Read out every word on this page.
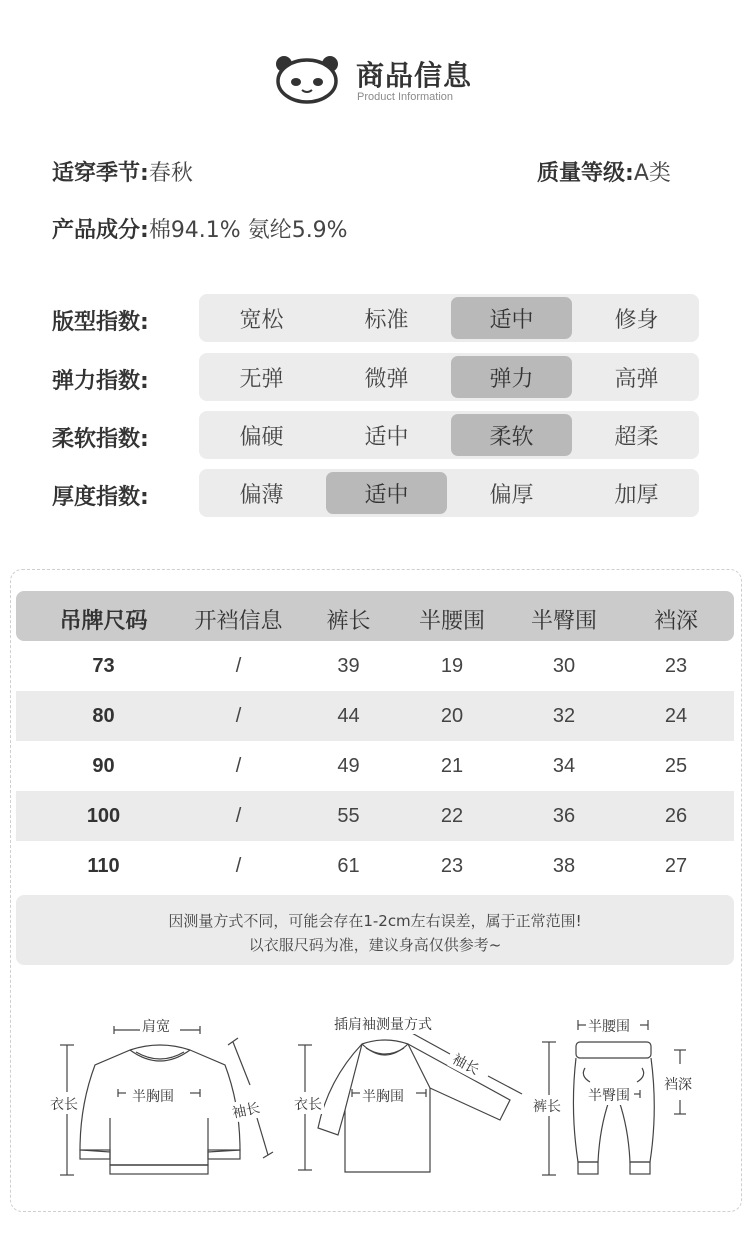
商品信息
Product Information
适穿季节:春秋	质量等级:A类
产品成分:棉94.1% 氨纶5.9%
版型指数:	宽松	标准	适中	修身
弹力指数:	无弹	微弹	弹力	高弹
柔软指数:	偏硬	适中	柔软	超柔
厚度指数:	偏薄	适中	偏厚	加厚
吊牌尺码	开裆信息	裤长	半腰围	半臀围	裆深
73	/	39	19	30	23
80	/	44	20	32	24
90	/	49	21	34	25
100	/	55	22	36	26
110	/	61	23	38	27
因测量方式不同，可能会存在1-2cm左右误差，属于正常范围!
以衣服尺码为准，建议身高仅供参考~
肩宽
半胸围
衣长	袖长
插肩袖测量方式
袖长
半胸围
衣长
半腰围
半臀围
裤长
裆深
